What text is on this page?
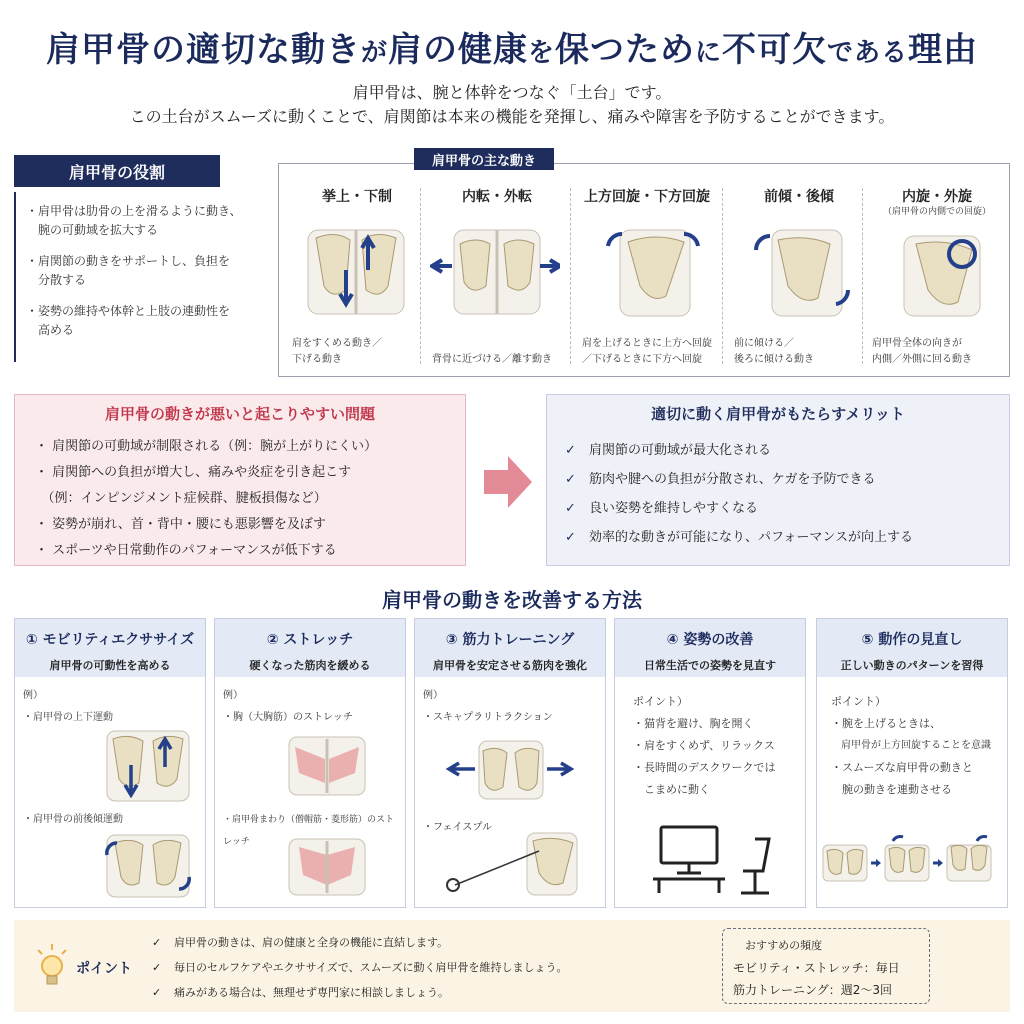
肩甲骨の適切な動きが肩の健康を保つために不可欠である理由
肩甲骨は、腕と体幹をつなぐ「土台」です。
この土台がスムーズに動くことで、肩関節は本来の機能を発揮し、痛みや障害を予防することができます。
肩甲骨の役割
・ 肩甲骨は肋骨の上を滑るように動き、
腕の可動域を拡大する
・ 肩関節の動きをサポートし、負担を
分散する
・ 姿勢の維持や体幹と上肢の連動性を
高める
肩甲骨の主な動き
挙上・下制
肩をすくめる動き／
下げる動き
内転・外転
背骨に近づける／離す動き

上方回旋・下方回旋
肩を上げるときに上方へ回旋
／下げるときに下方へ回旋
前傾・後傾
前に傾ける／
後ろに傾ける動き
内旋・外旋
（肩甲骨の内側での回旋）
肩甲骨全体の向きが
内側／外側に回る動き
肩甲骨の動きが悪いと起こりやすい問題
・ 肩関節の可動域が制限される（例：腕が上がりにくい）
・ 肩関節への負担が増大し、痛みや炎症を引き起こす
　（例：インピンジメント症候群、腱板損傷など）
・ 姿勢が崩れ、首・背中・腰にも悪影響を及ぼす
・ スポーツや日常動作のパフォーマンスが低下する
適切に動く肩甲骨がもたらすメリット
✓	肩関節の可動域が最大化される
✓	筋肉や腱への負担が分散され、ケガを予防できる
✓	良い姿勢を維持しやすくなる
✓	効率的な動きが可能になり、パフォーマンスが向上する
肩甲骨の動きを改善する方法
① モビリティエクササイズ
肩甲骨の可動性を高める
例）
・肩甲骨の上下運動
・肩甲骨の前後傾運動
② ストレッチ
硬くなった筋肉を緩める
例）
・胸（大胸筋）のストレッチ
・肩甲骨まわり（僧帽筋・菱形筋）のストレッチ
③ 筋力トレーニング
肩甲骨を安定させる筋肉を強化
例）
・スキャプラリトラクション
・フェイスプル
④ 姿勢の改善
日常生活での姿勢を見直す
ポイント）
・猫背を避け、胸を開く
・肩をすくめず、リラックス
・長時間のデスクワークでは
　こまめに動く
⑤ 動作の見直し
正しい動きのパターンを習得
ポイント）
・腕を上げるときは、
　肩甲骨が上方回旋することを意識
・スムーズな肩甲骨の動きと
　腕の動きを連動させる
ポイント
✓	肩甲骨の動きは、肩の健康と全身の機能に直結します。
✓	毎日のセルフケアやエクササイズで、スムーズに動く肩甲骨を維持しましょう。
✓	痛みがある場合は、無理せず専門家に相談しましょう。
おすすめの頻度
モビリティ・ストレッチ：毎日
筋力トレーニング：週2〜3回
